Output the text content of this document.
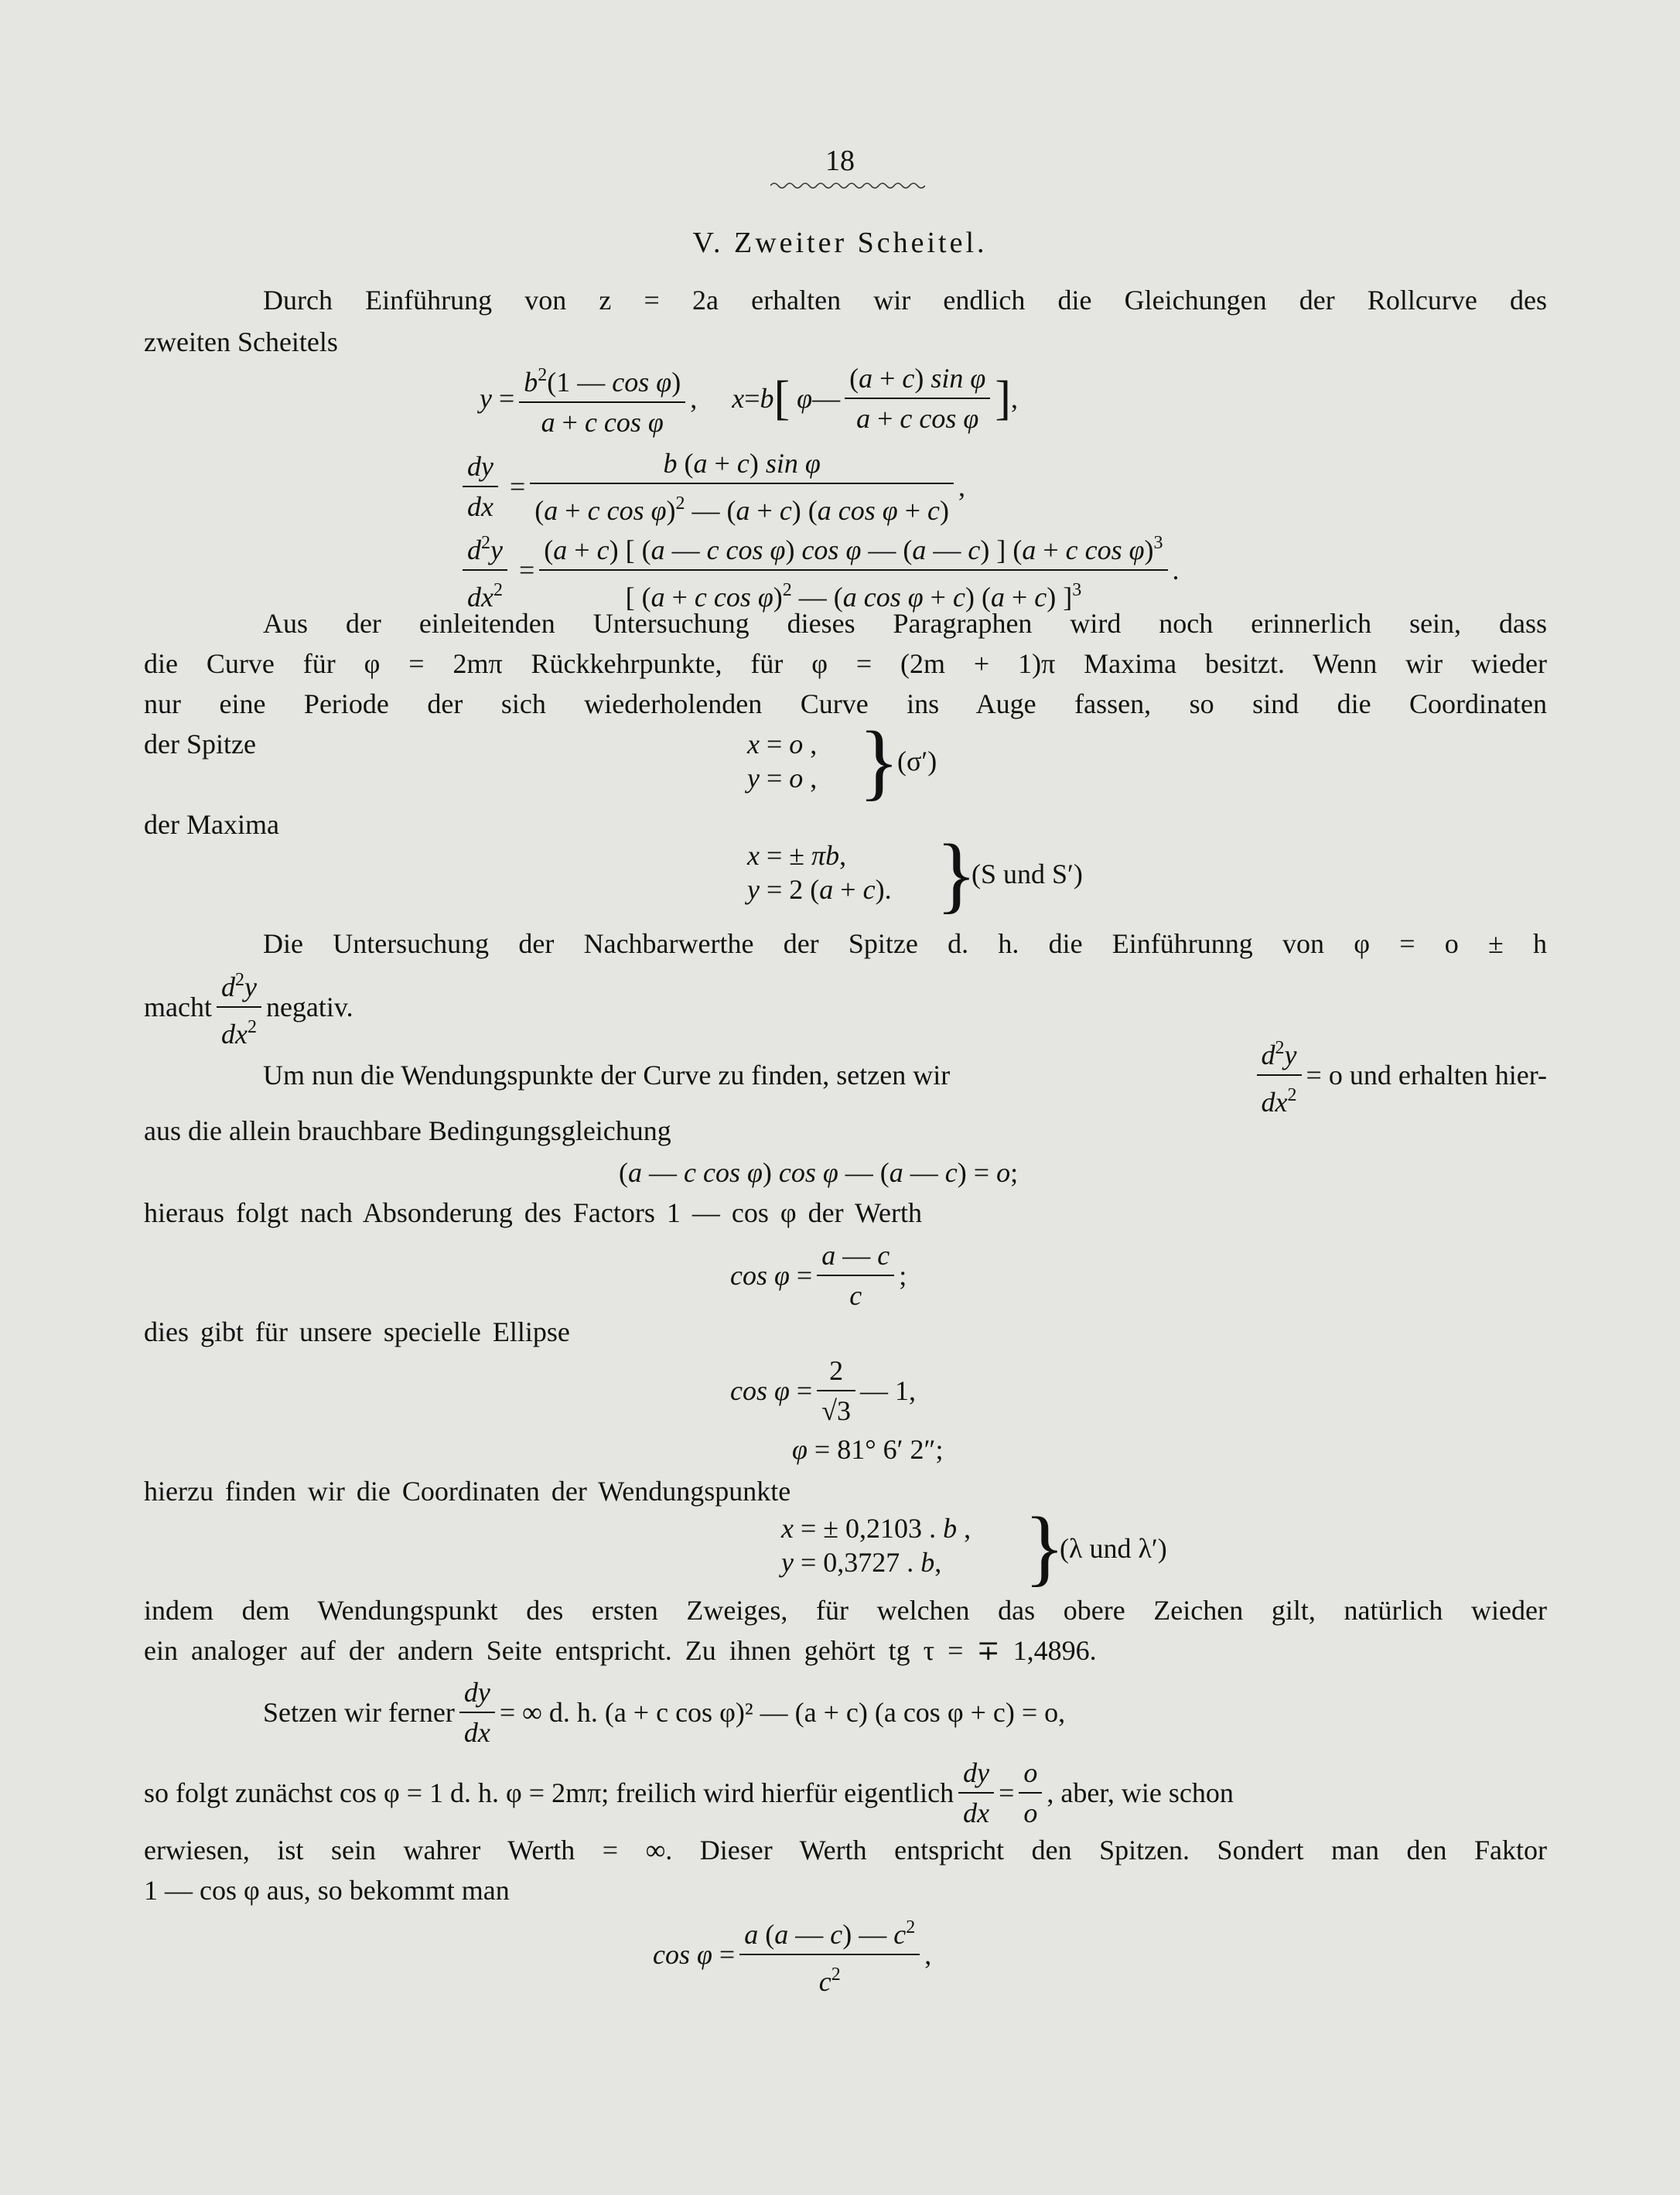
18
V. Zweiter Scheitel.
Durch Einführung von z = 2a erhalten wir endlich die Gleichungen der Rollcurve des
zweiten Scheitels
$y = \frac{b^2(1 — \cos \varphi)}{\text{a + c cos φ}}$ , x = b [
φ — $\frac{\text{(a + c) sin φ}}{\text{a + c cos φ}}$ ] ,
$\frac{dy}{dx} = \frac{\text{b (a + c) sin φ}}{(a + c \cos \varphi)^2 — (a + c) (a \cos \varphi + c)}$ ,
$\frac{d^2y}{dx^2} = \frac{(a + c) [ (a — c \cos \varphi) \cos \varphi — (a — c) ] (a + c \cos \varphi)^3}{[ (a + c \cos \varphi)^2 — (a \cos \varphi + c) (a + c) ]^3}$ .
Aus der einleitenden Untersuchung dieses Paragraphen wird noch erinnerlich sein, dass
die Curve für φ = 2mπ Rückkehrpunkte, für φ = (2m + 1)π Maxima besitzt. Wenn wir wieder
nur eine Periode der sich wiederholenden Curve ins Auge fassen, so sind die Coordinaten
der Spitze	x = o ,
y = o , }
(σ′)
der Maxima
x = ± πb,
y = 2 (a + c). }
(S und S′)
Die Untersuchung der Nachbarwerthe der Spitze d. h. die Einführunng von φ = o ± h
macht $\frac{d^2y}{dx^2}$ negativ.
Um nun die Wendungspunkte der Curve zu finden, setzen wir	$\frac{d^2y}{dx^2} = o$ und erhalten hier-
aus die allein brauchbare Bedingungsgleichung
(a — c cos φ) cos φ — (a — c) = o;
hieraus folgt nach Absonderung des Factors 1 — cos φ der Werth
$\cos \varphi = \frac{a — c}{c}$ ;
dies gibt für unsere specielle Ellipse
$\cos \varphi = \frac{2}{√3}$ — 1,
φ = 81° 6′ 2″;
hierzu finden wir die Coordinaten der Wendungspunkte
x = ± 0,2103 . b ,
y = 0,3727 . b, }
(λ und λ′)
indem dem Wendungspunkt des ersten Zweiges, für welchen das obere Zeichen gilt, natürlich wieder
ein analoger auf der andern Seite entspricht. Zu ihnen gehört tg τ = ∓ 1,4896.
Setzen wir ferner $\frac{dy}{dx}$ = ∞ d. h. (a + c cos φ)² — (a + c) (a cos φ + c) = o,
so folgt zunächst cos φ = 1 d. h. φ = 2mπ; freilich wird hierfür eigentlich $\frac{dy}{dx} = \frac{o}{o}$ , aber, wie schon
erwiesen, ist sein wahrer Werth = ∞. Dieser Werth entspricht den Spitzen. Sondert man den Faktor
1 — cos φ aus, so bekommt man
$\cos \varphi = \frac{a (a — c) — c^2}{c^2}$ ,
